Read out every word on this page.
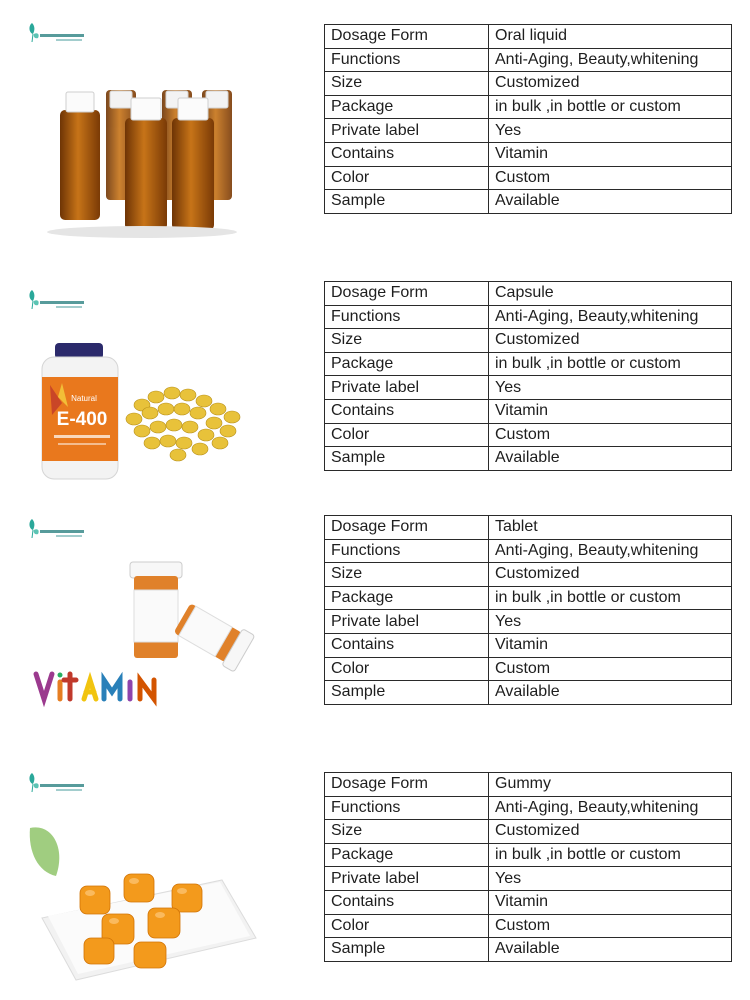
Dosage Form	Oral liquid
Functions	Anti-Aging, Beauty,whitening
Size	Customized
Package	in bulk ,in bottle or custom
Private label	Yes
Contains	Vitamin
Color	Custom
Sample	Available
Natural
E-400
Dosage Form	Capsule
Functions	Anti-Aging, Beauty,whitening
Size	Customized
Package	in bulk ,in bottle or custom
Private label	Yes
Contains	Vitamin
Color	Custom
Sample	Available
Dosage Form	Tablet
Functions	Anti-Aging, Beauty,whitening
Size	Customized
Package	in bulk ,in bottle or custom
Private label	Yes
Contains	Vitamin
Color	Custom
Sample	Available
Dosage Form	Gummy
Functions	Anti-Aging, Beauty,whitening
Size	Customized
Package	in bulk ,in bottle or custom
Private label	Yes
Contains	Vitamin
Color	Custom
Sample	Available
